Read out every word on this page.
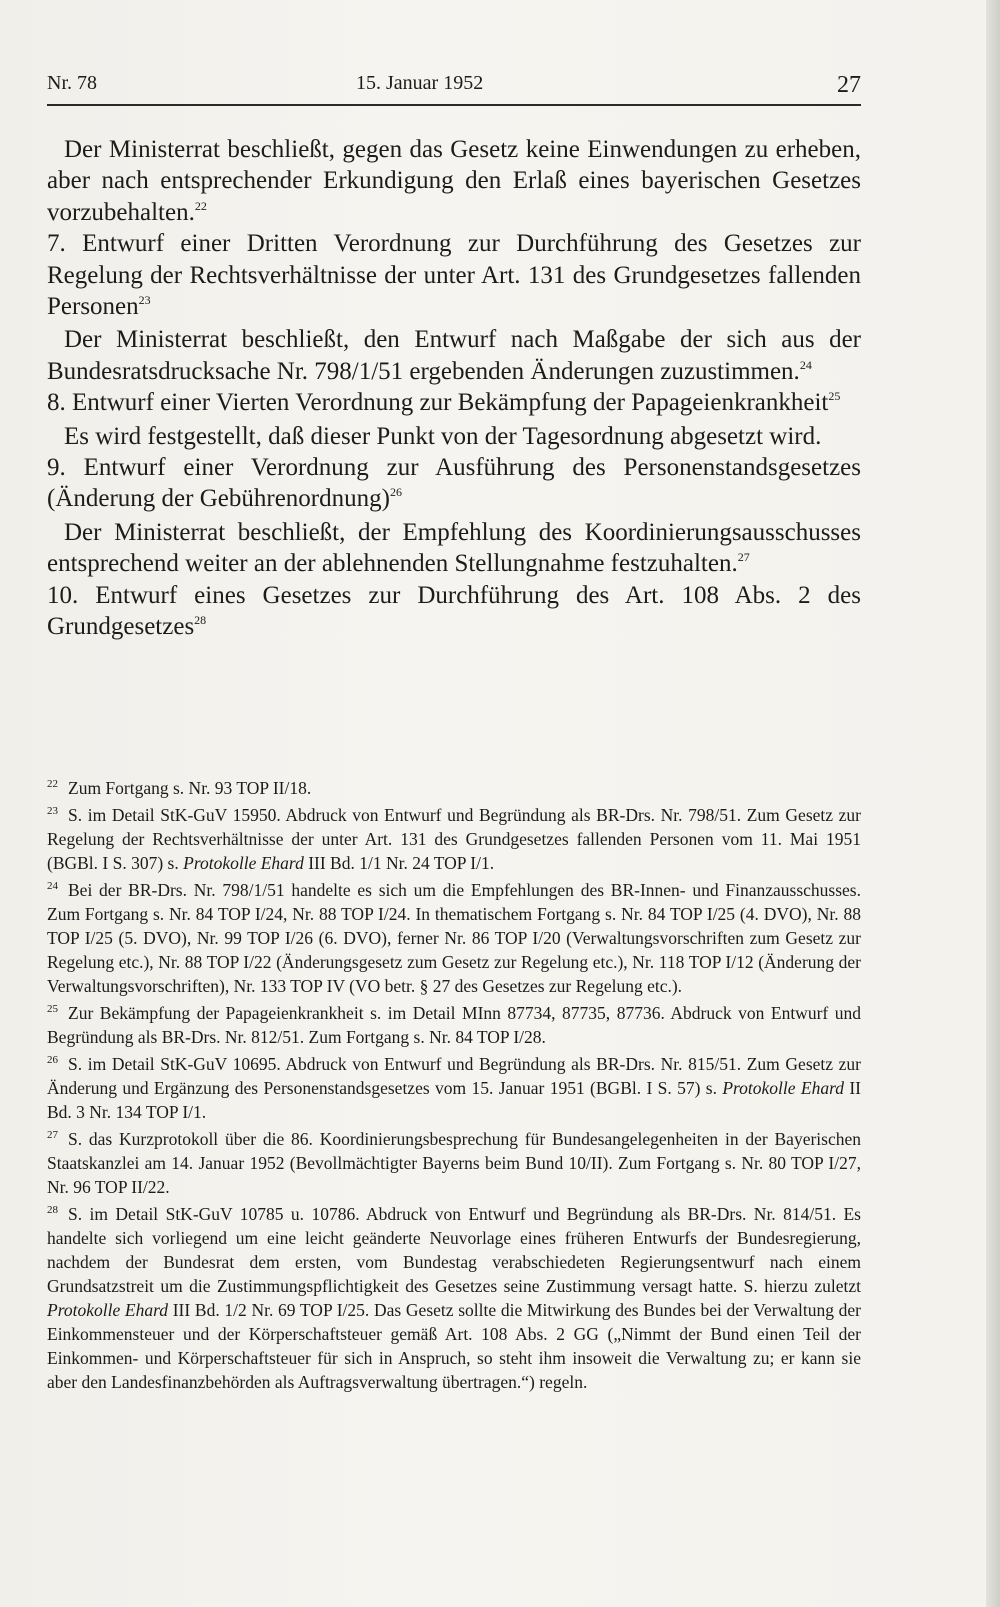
Nr. 78	15. Januar 1952	27

Der Ministerrat beschließt, gegen das Gesetz keine Einwendungen zu erheben, aber nach entsprechender Erkundigung den Erlaß eines bayerischen Gesetzes vorzubehalten.$^{22}$

7. Entwurf einer Dritten Verordnung zur Durchführung des Gesetzes zur Regelung der Rechtsverhältnisse der unter Art. 131 des Grundgesetzes fallenden Personen$^{23}$

Der Ministerrat beschließt, den Entwurf nach Maßgabe der sich aus der Bundesratsdrucksache Nr. 798/1/51 ergebenden Änderungen zuzustimmen.$^{24}$

8. Entwurf einer Vierten Verordnung zur Bekämpfung der Papageienkrankheit$^{25}$

Es wird festgestellt, daß dieser Punkt von der Tagesordnung abgesetzt wird.

9. Entwurf einer Verordnung zur Ausführung des Personenstandsgesetzes (Änderung der Gebührenordnung)$^{26}$

Der Ministerrat beschließt, der Empfehlung des Koordinierungsausschusses entsprechend weiter an der ablehnenden Stellungnahme festzuhalten.$^{27}$

10. Entwurf eines Gesetzes zur Durchführung des Art. 108 Abs. 2 des Grundgesetzes$^{28}$

$^{22}$ Zum Fortgang s. Nr. 93 TOP II/18.
$^{23}$ S. im Detail StK-GuV 15950. Abdruck von Entwurf und Begründung als BR-Drs. Nr. 798/51. Zum Gesetz zur Regelung der Rechtsverhältnisse der unter Art. 131 des Grundgesetzes fallenden Personen vom 11. Mai 1951 (BGBl. I S. 307) s. Protokolle Ehard III Bd. 1/1 Nr. 24 TOP I/1.
$^{24}$ Bei der BR-Drs. Nr. 798/1/51 handelte es sich um die Empfehlungen des BR-Innen- und Finanzausschusses. Zum Fortgang s. Nr. 84 TOP I/24, Nr. 88 TOP I/24. In thematischem Fortgang s. Nr. 84 TOP I/25 (4. DVO), Nr. 88 TOP I/25 (5. DVO), Nr. 99 TOP I/26 (6. DVO), ferner Nr. 86 TOP I/20 (Verwaltungsvorschriften zum Gesetz zur Regelung etc.), Nr. 88 TOP I/22 (Änderungsgesetz zum Gesetz zur Regelung etc.), Nr. 118 TOP I/12 (Änderung der Verwaltungsvorschriften), Nr. 133 TOP IV (VO betr. § 27 des Gesetzes zur Regelung etc.).
$^{25}$ Zur Bekämpfung der Papageienkrankheit s. im Detail MInn 87734, 87735, 87736. Abdruck von Entwurf und Begründung als BR-Drs. Nr. 812/51. Zum Fortgang s. Nr. 84 TOP I/28.
$^{26}$ S. im Detail StK-GuV 10695. Abdruck von Entwurf und Begründung als BR-Drs. Nr. 815/51. Zum Gesetz zur Änderung und Ergänzung des Personenstandsgesetzes vom 15. Januar 1951 (BGBl. I S. 57) s. Protokolle Ehard II Bd. 3 Nr. 134 TOP I/1.
$^{27}$ S. das Kurzprotokoll über die 86. Koordinierungsbesprechung für Bundesangelegenheiten in der Bayerischen Staatskanzlei am 14. Januar 1952 (Bevollmächtigter Bayerns beim Bund 10/II). Zum Fortgang s. Nr. 80 TOP I/27, Nr. 96 TOP II/22.
$^{28}$ S. im Detail StK-GuV 10785 u. 10786. Abdruck von Entwurf und Begründung als BR-Drs. Nr. 814/51. Es handelte sich vorliegend um eine leicht geänderte Neuvorlage eines früheren Entwurfs der Bundesregierung, nachdem der Bundesrat dem ersten, vom Bundestag verabschiedeten Regierungsentwurf nach einem Grundsatzstreit um die Zustimmungspflichtigkeit des Gesetzes seine Zustimmung versagt hatte. S. hierzu zuletzt Protokolle Ehard III Bd. 1/2 Nr. 69 TOP I/25. Das Gesetz sollte die Mitwirkung des Bundes bei der Verwaltung der Einkommensteuer und der Körperschaftsteuer gemäß Art. 108 Abs. 2 GG („Nimmt der Bund einen Teil der Einkommen- und Körperschaftsteuer für sich in Anspruch, so steht ihm insoweit die Verwaltung zu; er kann sie aber den Landesfinanzbehörden als Auftragsverwaltung übertragen.“) regeln.
